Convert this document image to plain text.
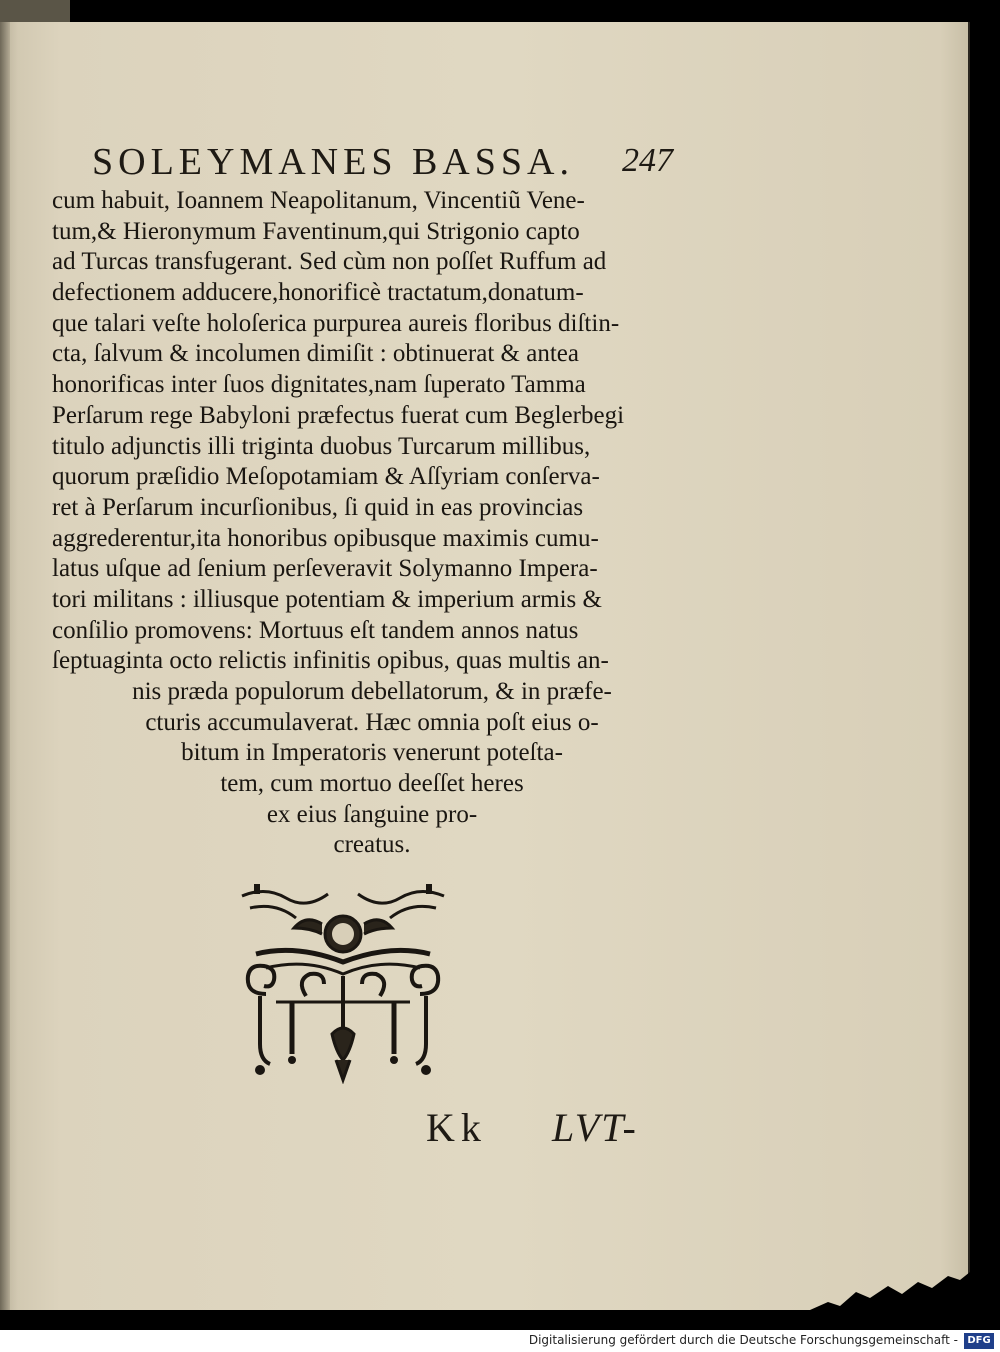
SOLEYMANES BASSA. 247
cum habuit, Ioannem Neapolitanum, Vincentiũ Vene-
tum,& Hieronymum Faventinum,qui Strigonio capto
ad Turcas transfugerant. Sed cùm non poſſet Ruffum ad
defectionem adducere,honorificè tractatum,donatum-
que talari veſte holoſerica purpurea aureis floribus diſtin-
cta, ſalvum & incolumen dimiſit : obtinuerat & antea
honorificas inter ſuos dignitates,nam ſuperato Tamma
Perſarum rege Babyloni præfectus fuerat cum Beglerbegi
titulo adjunctis illi triginta duobus Turcarum millibus,
quorum præſidio Meſopotamiam & Aſſyriam conſerva-
ret à Perſarum incurſionibus, ſi quid in eas provincias
aggrederentur,ita honoribus opibusque maximis cumu-
latus uſque ad ſenium perſeveravit Solymanno Impera-
tori militans : illiusque potentiam & imperium armis &
conſilio promovens: Mortuus eſt tandem annos natus
ſeptuaginta octo relictis infinitis opibus, quas multis an-
nis præda populorum debellatorum, & in præfe-
cturis accumulaverat. Hæc omnia poſt eius o-
bitum in Imperatoris venerunt poteſta-
tem, cum mortuo deeſſet heres
ex eius ſanguine pro-
creatus.
Kk LVT-
Digitalisierung gefördert durch die Deutsche Forschungsgemeinschaft - DFG
